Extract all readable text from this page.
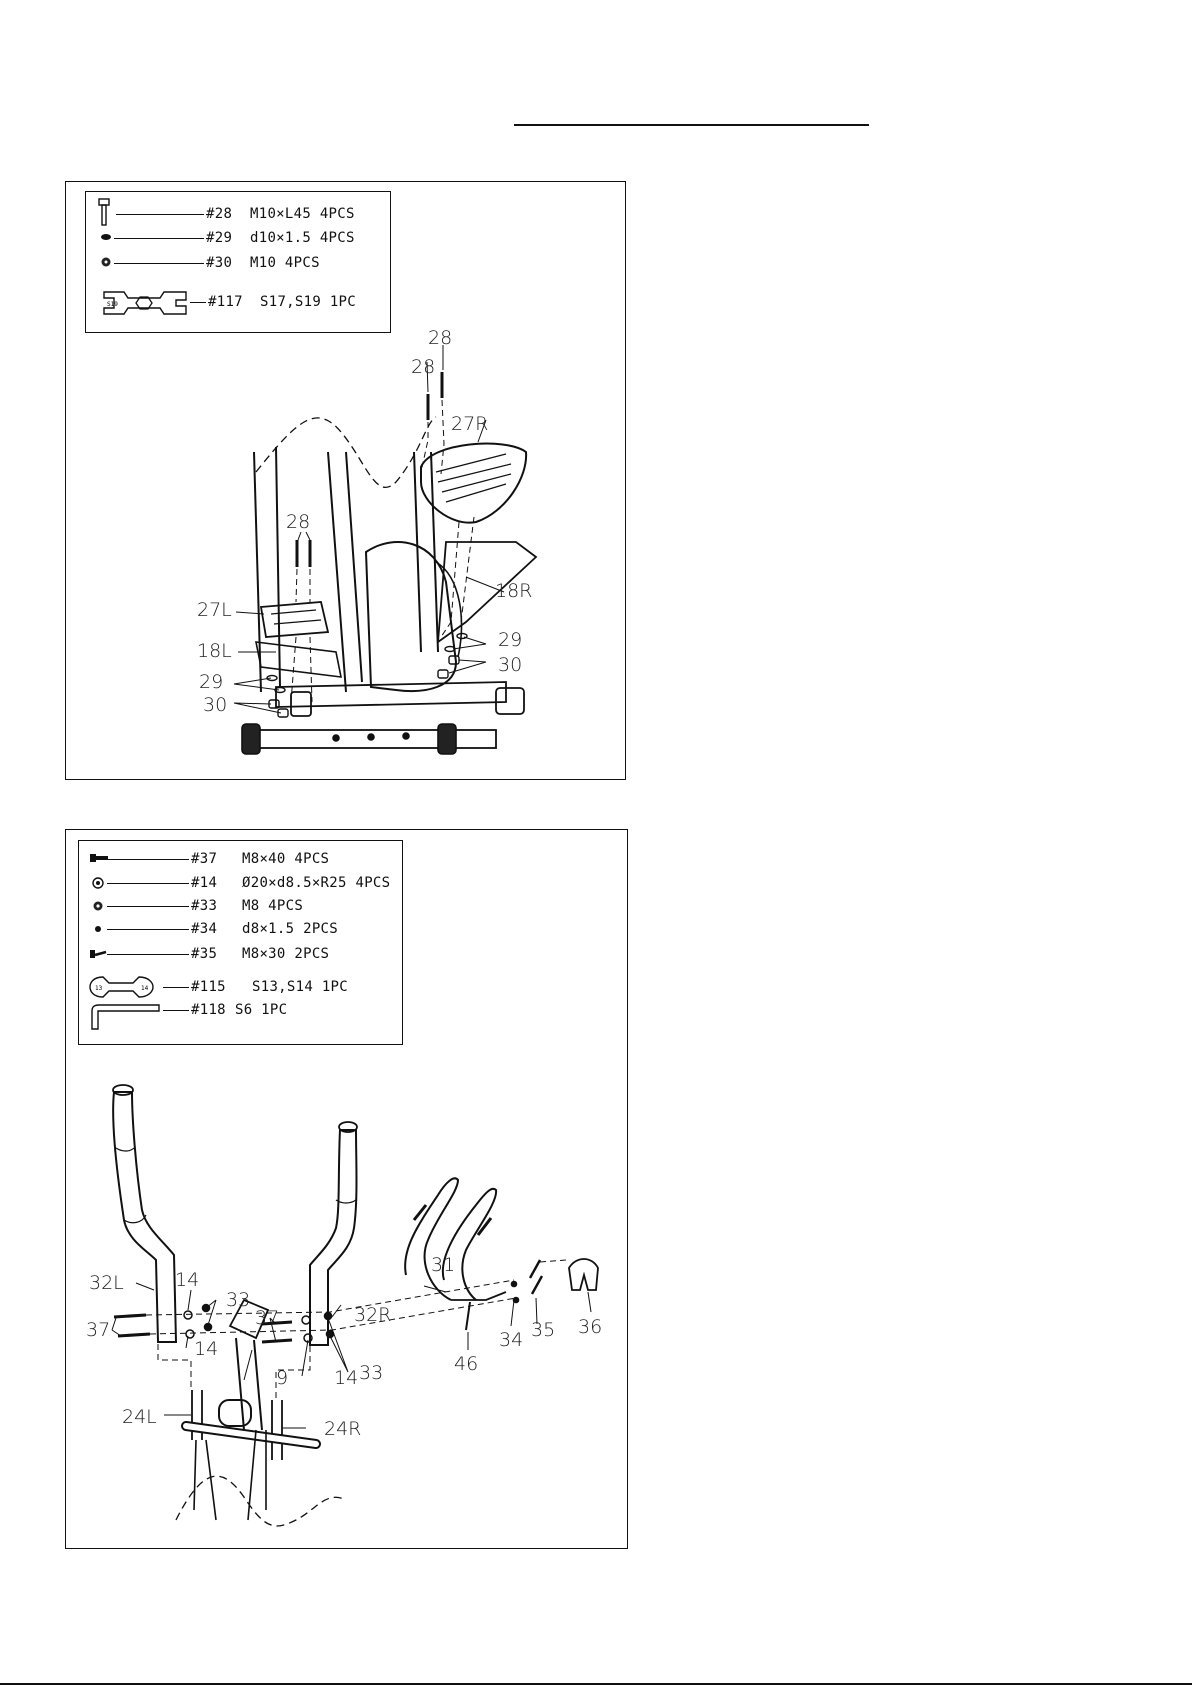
#28 M10×L45 4PCS
#29 d10×1.5 4PCS
#30 M10 4PCS
S19	#117 S17,S19 1PC
28
28
27R
28
27L
18R
18L	29
30
29
30
#37 M8×40 4PCS
#14 Ø20×d8.5×R25 4PCS
#33 M8 4PCS
#34 d8×1.5 2PCS
#35 M8×30 2PCS
13	14	#115 S13,S14 1PC
#118 S6 1PC
32L	14
33
37
14
37	32R
9 14 33
31
34 35 36
46
24L
24R
